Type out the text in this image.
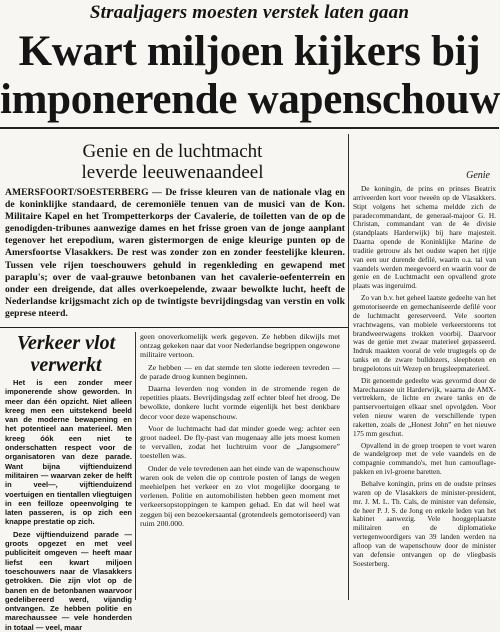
Straaljagers moesten verstek laten gaan
Kwart miljoen kijkers bij
imponerende wapenschouw
Genie en de luchtmacht
leverde leeuwenaandeel
AMERSFOORT/SOESTERBERG — De frisse kleuren van de nationale vlag en de koninklijke standaard, de ceremoniële tenuen van de musici van de Kon. Militaire Kapel en het Trompetterkorps der Cavalerie, de toiletten van de op de genodigden-tribunes aanwezige dames en het frisse groen van de jonge aanplant tegenover het erepodium, waren gistermorgen de enige kleurige punten op de Amersfoortse Vlasakkers. De rest was zonder zon en zonder feestelijke kleuren. Tussen vele rijen toeschouwers gehuld in regenkleding en gewapend met paraplu's; over de vaal-grauwe betonbanen van het cavalerie-oefenterrein en onder een dreigende, dat alles overkoepelende, zwaar bewolkte lucht, heeft de Nederlandse krijgsmacht zich op de twintigste bevrijdingsdag van verstin en volk geprese nteerd.
Verkeer vlot
verwerkt

Het is een zonder meer imponerende show geworden. In meer dan één opzicht. Niet alleen kreeg men een uitstekend beeld van de moderne bewapening en het potentieel aan materieel. Men kreeg óók een niet te onderschatten respect voor de organisatoren van deze parade. Want bijna vijftienduizend militairen — waarvan zeker de helft in veel—, vijftienduizend voertuigen en tientallen vliegtuigen in een feilloze opeenvolging te laten passeren, is op zich een knappe prestatie op zich.

Deze vijftienduizend parade — groots opgezet en met veel publiciteit omgeven — heeft maar liefst een kwart miljoen toeschouwers naar de Vlasakkers getrokken. Die zijn vlot op de banen en de betonbanen waarvoor gedelibereerd werd, vijandig ontvangen. Ze hebben politie en marechaussee — vele honderden in totaal — veel, maar

geen onoverkomelijk werk gegeven. Ze hebben dikwijls met ontzag gekeken naar dat voor Nederlandse begrippen ongewone militaire vertoon.

Ze hebben — en dat stemde ten slotte iedereen tevreden — de parade droog kunnen beginnen.

Daarna leverden nog vonden in de stromende regen de repetities plaats. Bevrijdingsdag zelf echter bleef het droog. De bewolkte, donkere lucht vormde eigenlijk het best denkbare decor voor deze wapenschouw.

Voor de luchtmacht had dat minder goede weg: achter een groot nadeel. De fly-past van mugenaay alle jets moest komen te vervallen, zodat het luchtruim voor de „Jangsomere” toestellen was.

Onder de vele tevredenen aan het einde van de wapenschouw waren ook de velen die op controle posten of langs de wegen meehielpen het verkeer en zo vlot mogelijke doorgang te verlenen. Politie en automobilisten hebben geen moment met verkeersopstoppingen te kampen gehad. En dat wil heel wat zeggen bij een bezoekersaantal (grotendeels gemotoriseerd) van ruim 200.000.

Genie

De koningin, de prins en prinses Beatrix arriveerden kort voor tweeën op de Vlasakkers. Stipt volgens het schema meldde zich de paradecommandant, de generaal-majoor G. H. Christan, commandant van de 4e divisie (standplaats Harderwijk) bij hare majesteit. Daarna opende de Koninklijke Marine de traditie getrouw als het oudste wapen het rijtje van een uur durende defilé, waarin o.a. tal van vaandels werden meegevoerd en waarin voor de genie en de Luchtmacht een opvallend grote plaats was ingeruimd.

Zo van b.v. het geheel laatste gedeelte van het gemotoriseerde en gemechaniseerde defilé voor de luchtmacht gereserveerd. Vele soorten vrachtwagens, van mobiele verkeerstorens tot brandweerwagens trokken voorbij. Daarvoor was de genie met zwaar materieel gepasseerd. Indruk maakten vooral de vele trugtegels op de tanks en de zware bulldozers, sleepboten en brugpelotons uit Wezep en brugsleepmaterieel.

Dit genoemde gedeelte was gevormd door de Marechaussee uit Harderwijk, waarna de AMX-vertrekken, de lichte en zware tanks en de pantservoertuigen elkaar snel opvolgden. Voor velen nieuw waren de verschillende typen raketten, zoals de „Honest John” en het nieuwe 175 mm geschut.

Opvallend in de groep troepen te voet waren de wandelgroep met de vele vaandels en de compagnie commando's, met hun camouflage-pakken en ivl-groene baretten.

Behalve koningin, prins en de oudste prinses waren op de Vlasakkers de minister-president, mr. J. M. L. Th. Cals, de minister van defensie, de heer P. J. S. de Jong en enkele leden van het kabinet aanwezig. Vele hooggeplaatste militairen en de diplomatieke vertegenwoordigers van 39 landen werden na afloop van de wapenschouw door de minister van defensie ontvangen op de vliegbasis Soesterberg.
